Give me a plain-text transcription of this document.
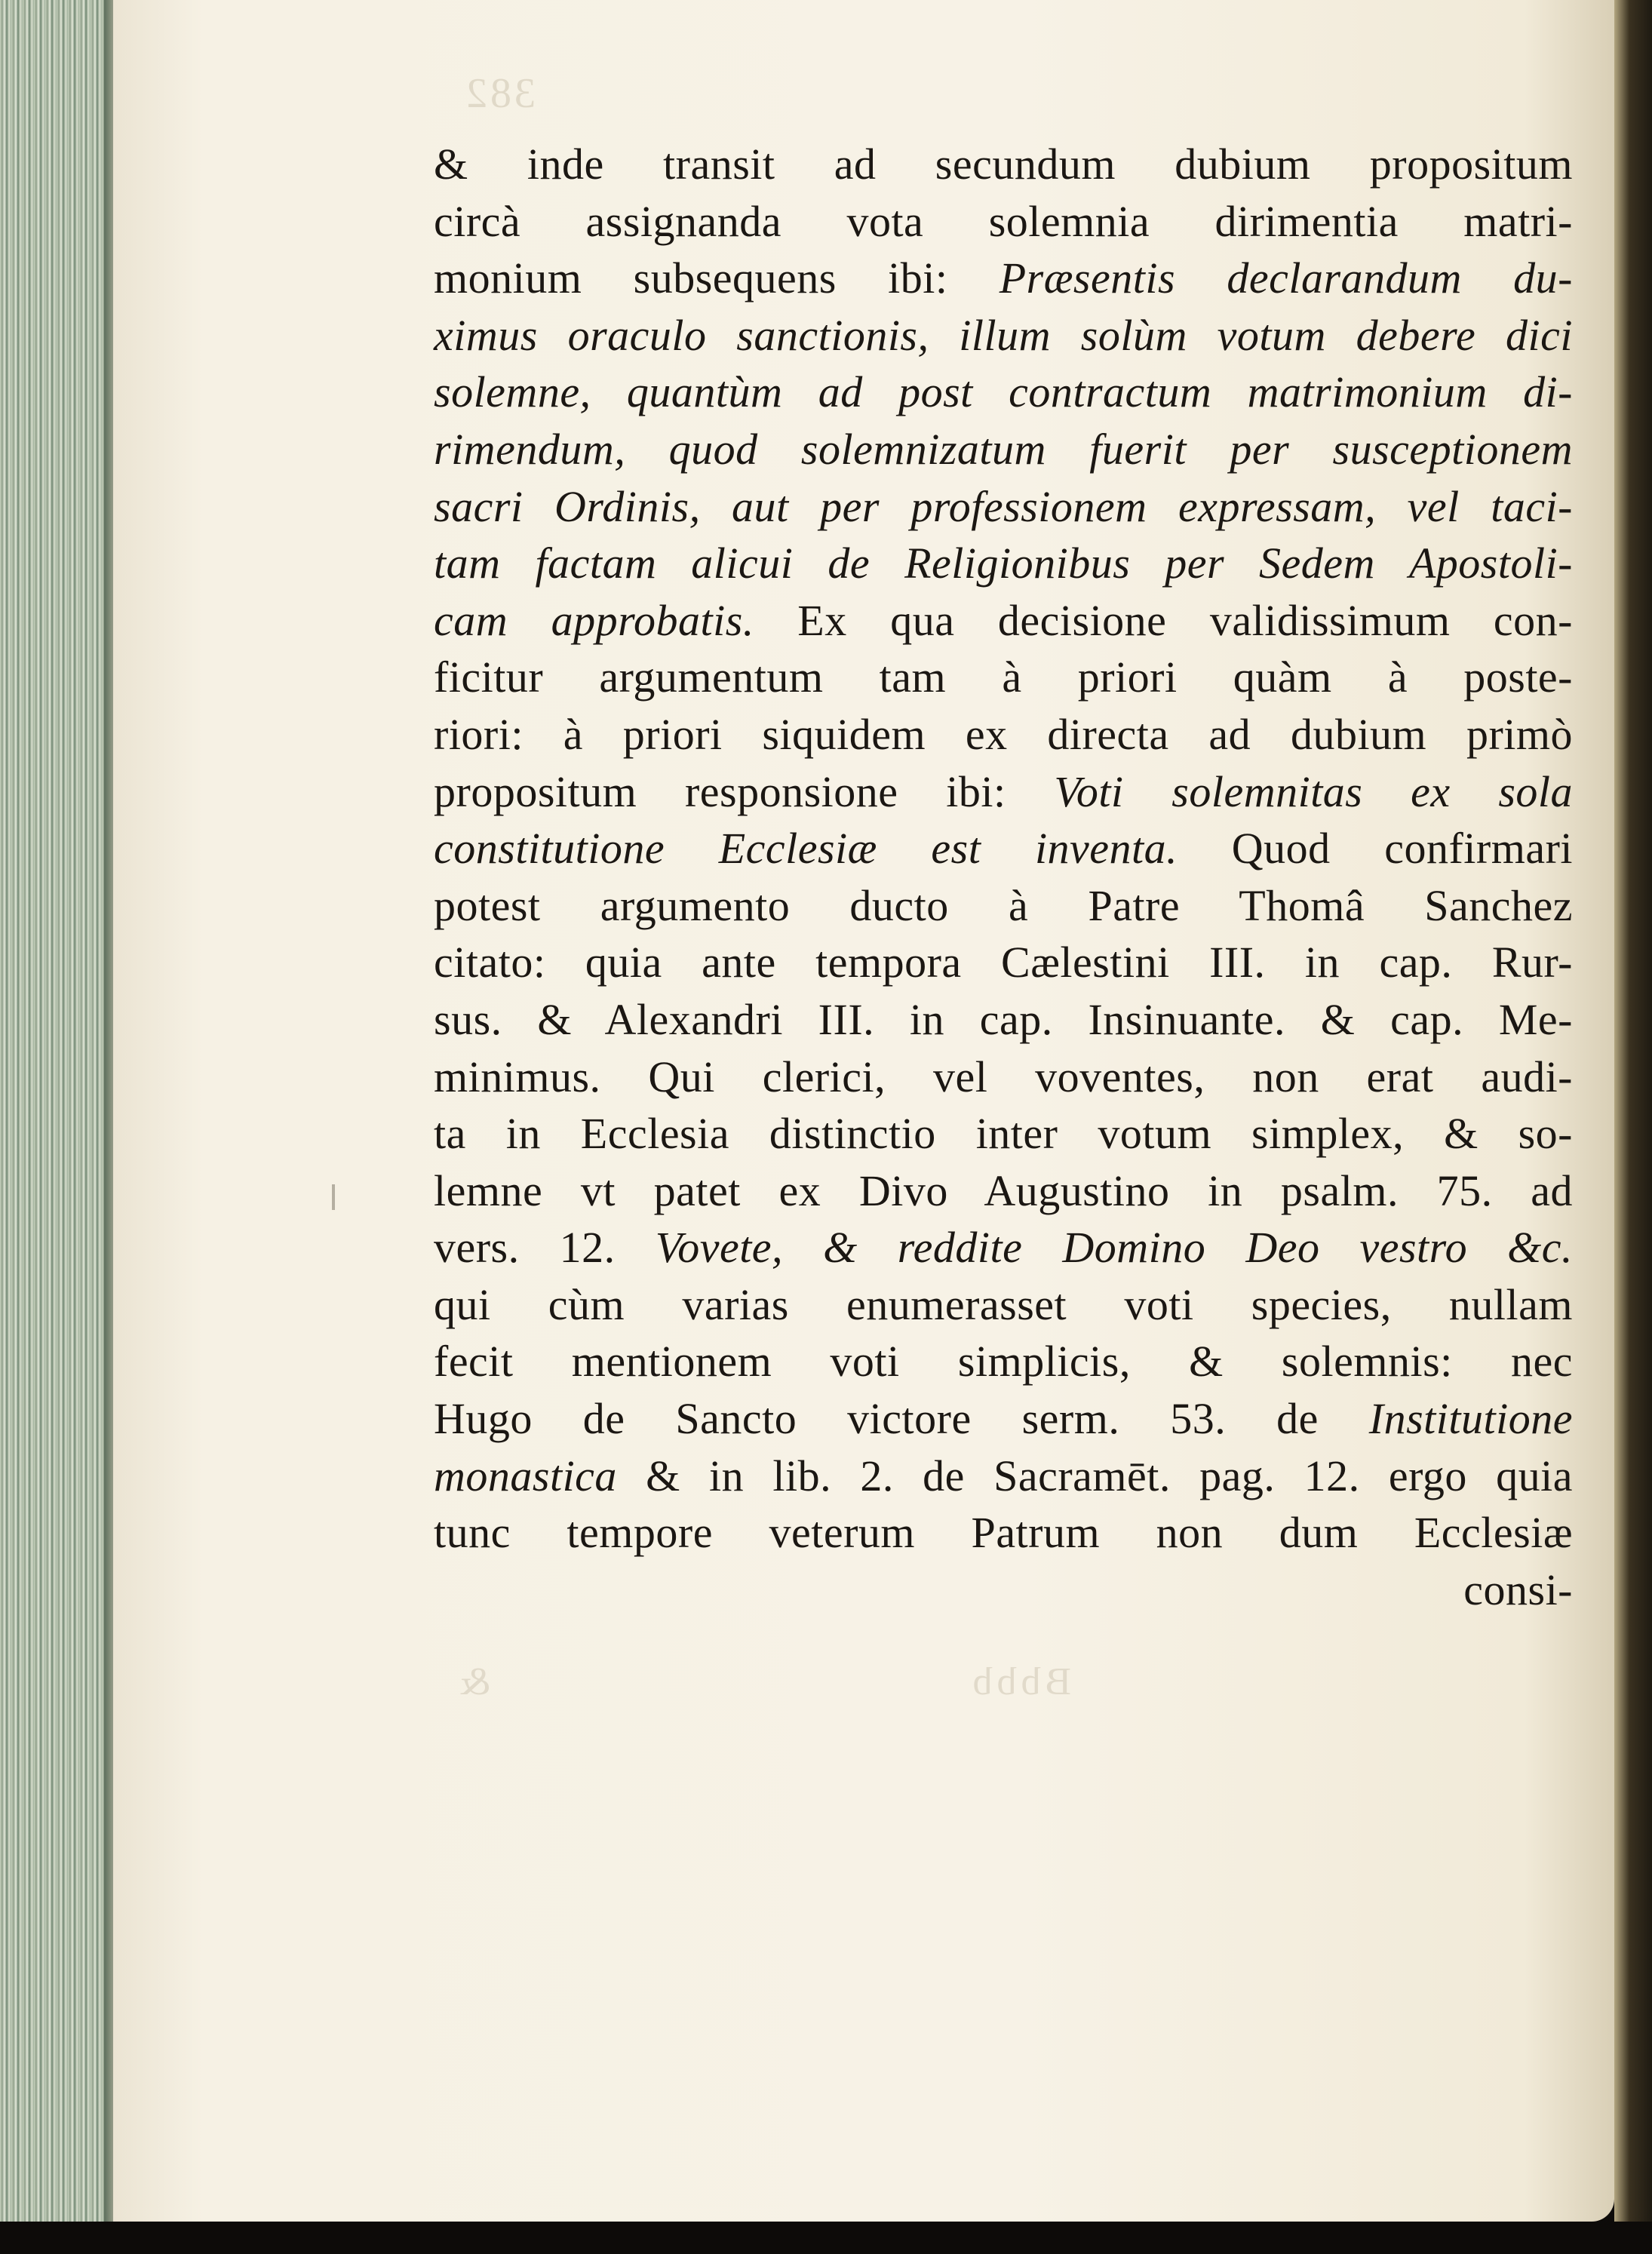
382
Bbbb
&
& inde transit ad secundum dubium propositum
circà assignanda vota solemnia dirimentia matri-
monium subsequens ibi: Præsentis declarandum du-
ximus oraculo sanctionis, illum solùm votum debere dici
solemne, quantùm ad post contractum matrimonium di-
rimendum, quod solemnizatum fuerit per susceptionem
sacri Ordinis, aut per professionem expressam, vel taci-
tam factam alicui de Religionibus per Sedem Apostoli-
cam approbatis. Ex qua decisione validissimum con-
ficitur argumentum tam à priori quàm à poste-
riori: à priori siquidem ex directa ad dubium primò
propositum responsione ibi: Voti solemnitas ex sola
constitutione Ecclesiæ est inventa. Quod confirmari
potest argumento ducto à Patre Thomâ Sanchez
citato: quia ante tempora Cælestini III. in cap. Rur-
sus. & Alexandri III. in cap. Insinuante. & cap. Me-
minimus. Qui clerici, vel voventes, non erat audi-
ta in Ecclesia distinctio inter votum simplex, & so-
lemne vt patet ex Divo Augustino in psalm. 75. ad
vers. 12. Vovete, & reddite Domino Deo vestro &c.
qui cùm varias enumerasset voti species, nullam
fecit mentionem voti simplicis, & solemnis: nec
Hugo de Sancto victore serm. 53. de Institutione
monastica & in lib. 2. de Sacramēt. pag. 12. ergo quia
tunc tempore veterum Patrum non dum Ecclesiæ
consi-
